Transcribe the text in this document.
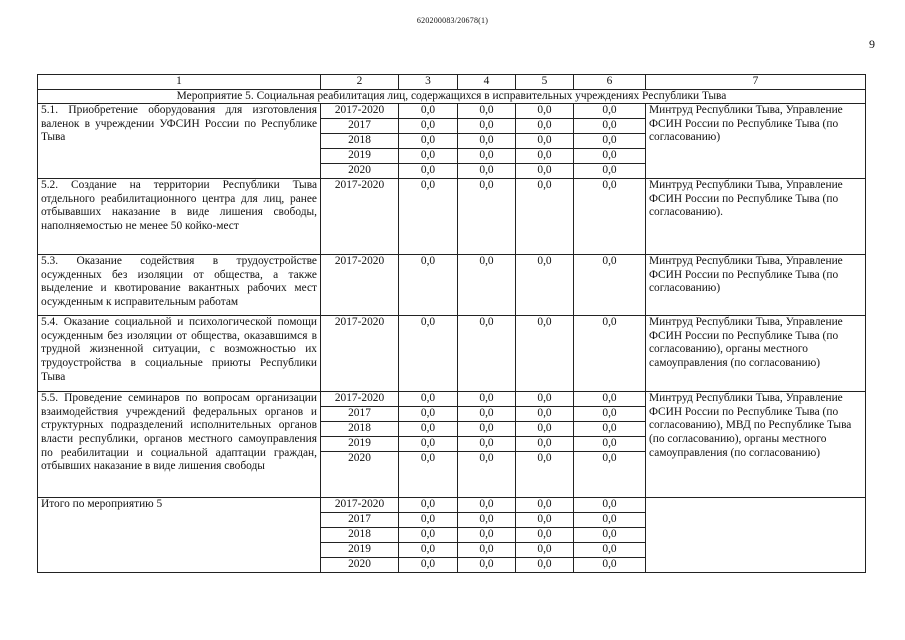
620200083/20678(1)
9
1	2	3	4	5	6	7
Мероприятие 5. Социальная реабилитация лиц, содержащихся в исправительных учреждениях Республики Тыва						
5.1. Приобретение оборудования для изготовления валенок в учреждении УФСИН России по Республике Тыва	2017-2020	0,0	0,0	0,0	0,0	Минтруд Республики Тыва, Управление ФСИН России по Республике Тыва (по согласованию)
	2017	0,0	0,0	0,0	0,0	
	2018	0,0	0,0	0,0	0,0	
	2019	0,0	0,0	0,0	0,0	
	2020	0,0	0,0	0,0	0,0	
5.2. Создание на территории Республики Тыва отдельного реабилитационного центра для лиц, ранее отбывавших наказание в виде лишения свободы, наполняемостью не менее 50 койко-мест	2017-2020	0,0	0,0	0,0	0,0	Минтруд Республики Тыва, Управление ФСИН России по Республике Тыва (по согласованию).
5.3. Оказание содействия в трудоустройстве осужденных без изоляции от общества, а также выделение и квотирование вакантных рабочих мест осужденным к исправительным работам	2017-2020	0,0	0,0	0,0	0,0	Минтруд Республики Тыва, Управление ФСИН России по Республике Тыва (по согласованию)
5.4. Оказание социальной и психологической помощи осужденным без изоляции от общества, оказавшимся в трудной жизненной ситуации, с возможностью их трудоустройства в социальные приюты Республики Тыва	2017-2020	0,0	0,0	0,0	0,0	Минтруд Республики Тыва, Управление ФСИН России по Республике Тыва (по согласованию), органы местного самоуправления (по согласованию)
5.5. Проведение семинаров по вопросам организации взаимодействия учреждений федеральных органов и структурных подразделений исполнительных органов власти республики, органов местного самоуправления по реабилитации и социальной адаптации граждан, отбывших наказание в виде лишения свободы	2017-2020	0,0	0,0	0,0	0,0	Минтруд Республики Тыва, Управление ФСИН России по Республике Тыва (по согласованию), МВД по Республике Тыва (по согласованию), органы местного самоуправления (по согласованию)
	2017	0,0	0,0	0,0	0,0	
	2018	0,0	0,0	0,0	0,0	
	2019	0,0	0,0	0,0	0,0	
	2020	0,0	0,0	0,0	0,0	
Итого по мероприятию 5	2017-2020	0,0	0,0	0,0	0,0	
	2017	0,0	0,0	0,0	0,0	
	2018	0,0	0,0	0,0	0,0	
	2019	0,0	0,0	0,0	0,0	
	2020	0,0	0,0	0,0	0,0	
